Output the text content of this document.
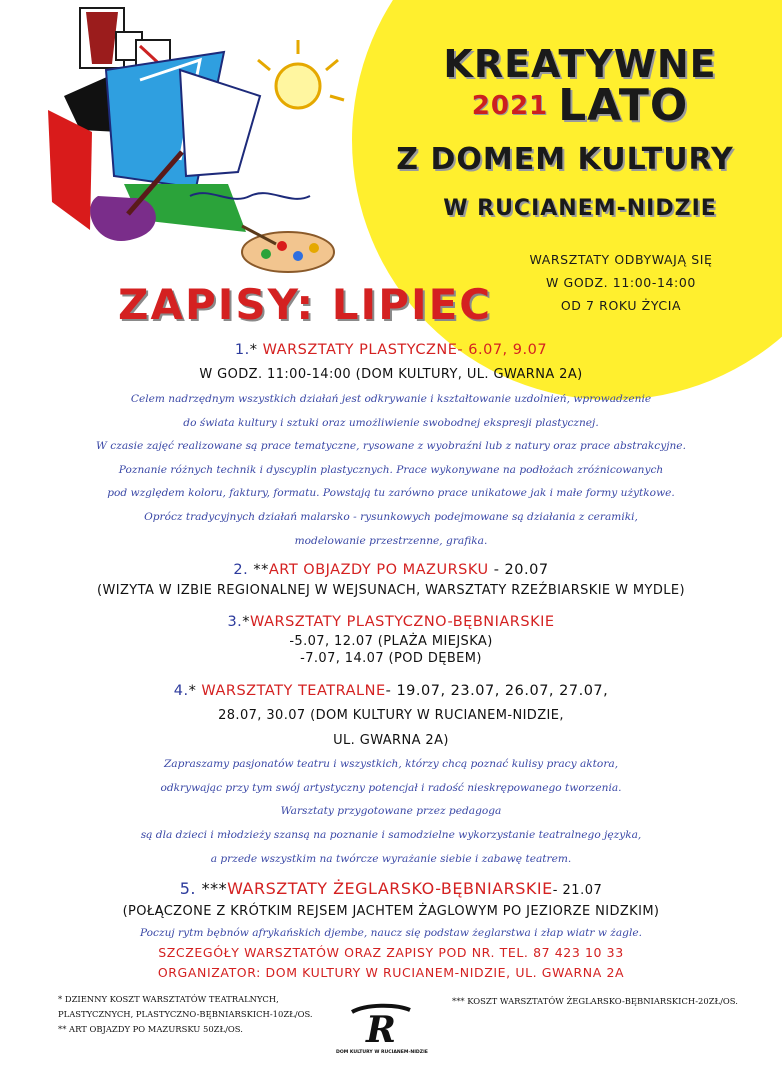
KREATYWNE
2021 LATO
Z DOMEM KULTURY
W RUCIANEM-NIDZIE
WARSZTATY ODBYWAJĄ SIĘ
W GODZ. 11:00-14:00
OD 7 ROKU ŻYCIA
ZAPISY: LIPIEC
1.* WARSZTATY PLASTYCZNE- 6.07, 9.07
W GODZ. 11:00-14:00 (DOM KULTURY, UL. GWARNA 2A)
Celem nadrzędnym wszystkich działań jest odkrywanie i kształtowanie uzdolnień, wprowadzenie
do świata kultury i sztuki oraz umożliwienie swobodnej ekspresji plastycznej.
W czasie zajęć realizowane są prace tematyczne, rysowane z wyobraźni lub z natury oraz prace abstrakcyjne.
Poznanie różnych technik i dyscyplin plastycznych. Prace wykonywane na podłożach zróżnicowanych
pod względem koloru, faktury, formatu. Powstają tu zarówno prace unikatowe jak i małe formy użytkowe.
Oprócz tradycyjnych działań malarsko - rysunkowych podejmowane są działania z ceramiki,
modelowanie przestrzenne, grafika.
2. **ART OBJAZDY PO MAZURSKU - 20.07
(WIZYTA W IZBIE REGIONALNEJ W WEJSUNACH, WARSZTATY RZEŹBIARSKIE W MYDLE)
3.*WARSZTATY PLASTYCZNO-BĘBNIARSKIE
-5.07, 12.07 (PLAŻA MIEJSKA)
-7.07, 14.07 (POD DĘBEM)
4.* WARSZTATY TEATRALNE- 19.07, 23.07, 26.07, 27.07,
28.07, 30.07 (DOM KULTURY W RUCIANEM-NIDZIE,
UL. GWARNA 2A)
Zapraszamy pasjonatów teatru i wszystkich, którzy chcą poznać kulisy pracy aktora,
odkrywając przy tym swój artystyczny potencjał i radość nieskrępowanego tworzenia.
Warsztaty przygotowane przez pedagoga
są dla dzieci i młodzieży szansą na poznanie i samodzielne wykorzystanie teatralnego języka,
a przede wszystkim na twórcze wyrażanie siebie i zabawę teatrem.
5. ***WARSZTATY ŻEGLARSKO-BĘBNIARSKIE- 21.07
(POŁĄCZONE Z KRÓTKIM REJSEM JACHTEM ŻAGLOWYM PO JEZIORZE NIDZKIM)
Poczuj rytm bębnów afrykańskich djembe, naucz się podstaw żeglarstwa i złap wiatr w żagle.
SZCZEGÓŁY WARSZTATÓW ORAZ ZAPISY POD NR. TEL. 87 423 10 33
ORGANIZATOR: DOM KULTURY W RUCIANEM-NIDZIE, UL. GWARNA 2A
* DZIENNY KOSZT WARSZTATÓW TEATRALNYCH,
PLASTYCZNYCH, PLASTYCZNO-BĘBNIARSKICH-10ZŁ/OS.
** ART OBJAZDY PO MAZURSKU 50ZŁ/OS.	R
DOM KULTURY W RUCIANEM-NIDZIE
*** KOSZT WARSZTATÓW ŻEGLARSKO-BĘBNIARSKICH-20ZŁ/OS.
